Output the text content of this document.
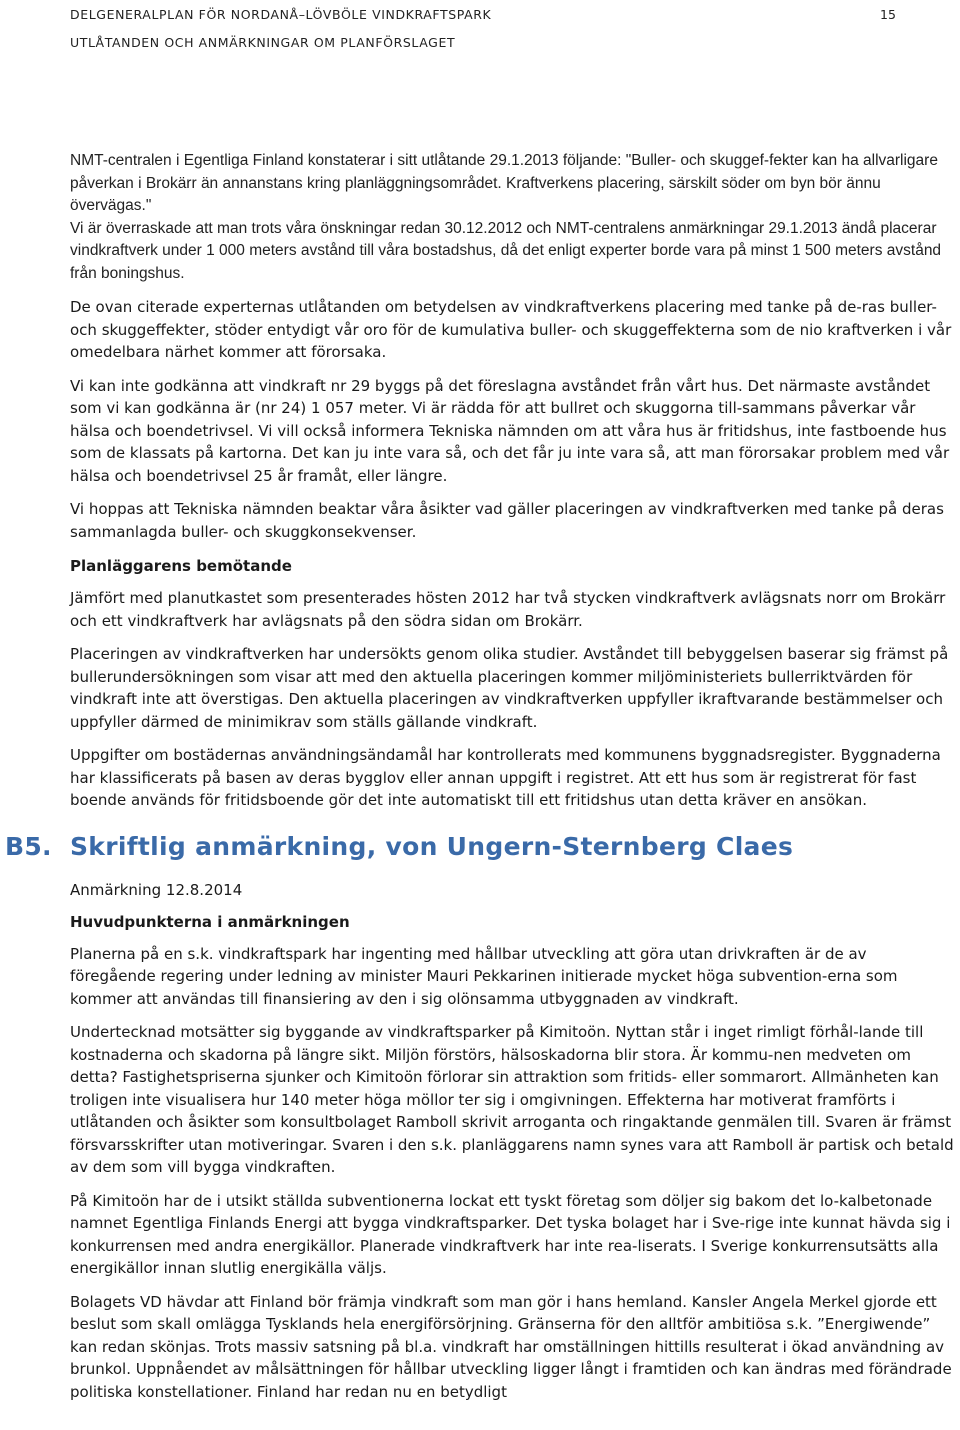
DELGENERALPLAN FÖR NORDANÅ–LÖVBÖLE VINDKRAFTSPARK	15
UTLÅTANDEN OCH ANMÄRKNINGAR OM PLANFÖRSLAGET

NMT-centralen i Egentliga Finland konstaterar i sitt utlåtande 29.1.2013 följande: "Buller- och skuggef-fekter kan ha allvarligare påverkan i Brokärr än annanstans kring planläggningsområdet. Kraftverkens placering, särskilt söder om byn bör ännu övervägas."

Vi är överraskade att man trots våra önskningar redan 30.12.2012 och NMT-centralens anmärkningar 29.1.2013 ändå placerar vindkraftverk under 1 000 meters avstånd till våra bostadshus, då det enligt experter borde vara på minst 1 500 meters avstånd från boningshus.

De ovan citerade experternas utlåtanden om betydelsen av vindkraftverkens placering med tanke på de-ras buller- och skuggeffekter, stöder entydigt vår oro för de kumulativa buller- och skuggeffekterna som de nio kraftverken i vår omedelbara närhet kommer att förorsaka.

Vi kan inte godkänna att vindkraft nr 29 byggs på det föreslagna avståndet från vårt hus. Det närmaste avståndet som vi kan godkänna är (nr 24) 1 057 meter. Vi är rädda för att bullret och skuggorna till-sammans påverkar vår hälsa och boendetrivsel. Vi vill också informera Tekniska nämnden om att våra hus är fritidshus, inte fastboende hus som de klassats på kartorna. Det kan ju inte vara så, och det får ju inte vara så, att man förorsakar problem med vår hälsa och boendetrivsel 25 år framåt, eller längre.

Vi hoppas att Tekniska nämnden beaktar våra åsikter vad gäller placeringen av vindkraftverken med tanke på deras sammanlagda buller- och skuggkonsekvenser.

Planläggarens bemötande

Jämfört med planutkastet som presenterades hösten 2012 har två stycken vindkraftverk avlägsnats norr om Brokärr och ett vindkraftverk har avlägsnats på den södra sidan om Brokärr.

Placeringen av vindkraftverken har undersökts genom olika studier. Avståndet till bebyggelsen baserar sig främst på bullerundersökningen som visar att med den aktuella placeringen kommer miljöministeriets bullerriktvärden för vindkraft inte att överstigas. Den aktuella placeringen av vindkraftverken uppfyller ikraftvarande bestämmelser och uppfyller därmed de minimikrav som ställs gällande vindkraft.

Uppgifter om bostädernas användningsändamål har kontrollerats med kommunens byggnadsregister. Byggnaderna har klassificerats på basen av deras bygglov eller annan uppgift i registret. Att ett hus som är registrerat för fast boende används för fritidsboende gör det inte automatiskt till ett fritidshus utan detta kräver en ansökan.

B5. Skriftlig anmärkning, von Ungern-Sternberg Claes
Anmärkning 12.8.2014
Huvudpunkterna i anmärkningen

Planerna på en s.k. vindkraftspark har ingenting med hållbar utveckling att göra utan drivkraften är de av föregående regering under ledning av minister Mauri Pekkarinen initierade mycket höga subvention-erna som kommer att användas till finansiering av den i sig olönsamma utbyggnaden av vindkraft.

Undertecknad motsätter sig byggande av vindkraftsparker på Kimitoön. Nyttan står i inget rimligt förhål-lande till kostnaderna och skadorna på längre sikt. Miljön förstörs, hälsoskadorna blir stora. Är kommu-nen medveten om detta? Fastighetspriserna sjunker och Kimitoön förlorar sin attraktion som fritids- eller sommarort. Allmänheten kan troligen inte visualisera hur 140 meter höga möllor ter sig i omgivningen. Effekterna har motiverat framförts i utlåtanden och åsikter som konsultbolaget Ramboll skrivit arroganta och ringaktande genmälen till. Svaren är främst försvarsskrifter utan motiveringar. Svaren i den s.k. planläggarens namn synes vara att Ramboll är partisk och betald av dem som vill bygga vindkraften.

På Kimitoön har de i utsikt ställda subventionerna lockat ett tyskt företag som döljer sig bakom det lo-kalbetonade namnet Egentliga Finlands Energi att bygga vindkraftsparker. Det tyska bolaget har i Sve-rige inte kunnat hävda sig i konkurrensen med andra energikällor. Planerade vindkraftverk har inte rea-liserats. I Sverige konkurrensutsätts alla energikällor innan slutlig energikälla väljs.

Bolagets VD hävdar att Finland bör främja vindkraft som man gör i hans hemland. Kansler Angela Merkel gjorde ett beslut som skall omlägga Tysklands hela energiförsörjning. Gränserna för den alltför ambitiösa s.k. ”Energiwende” kan redan skönjas. Trots massiv satsning på bl.a. vindkraft har omställningen hittills resulterat i ökad användning av brunkol. Uppnåendet av målsättningen för hållbar utveckling ligger långt i framtiden och kan ändras med förändrade politiska konstellationer. Finland har redan nu en betydligt
